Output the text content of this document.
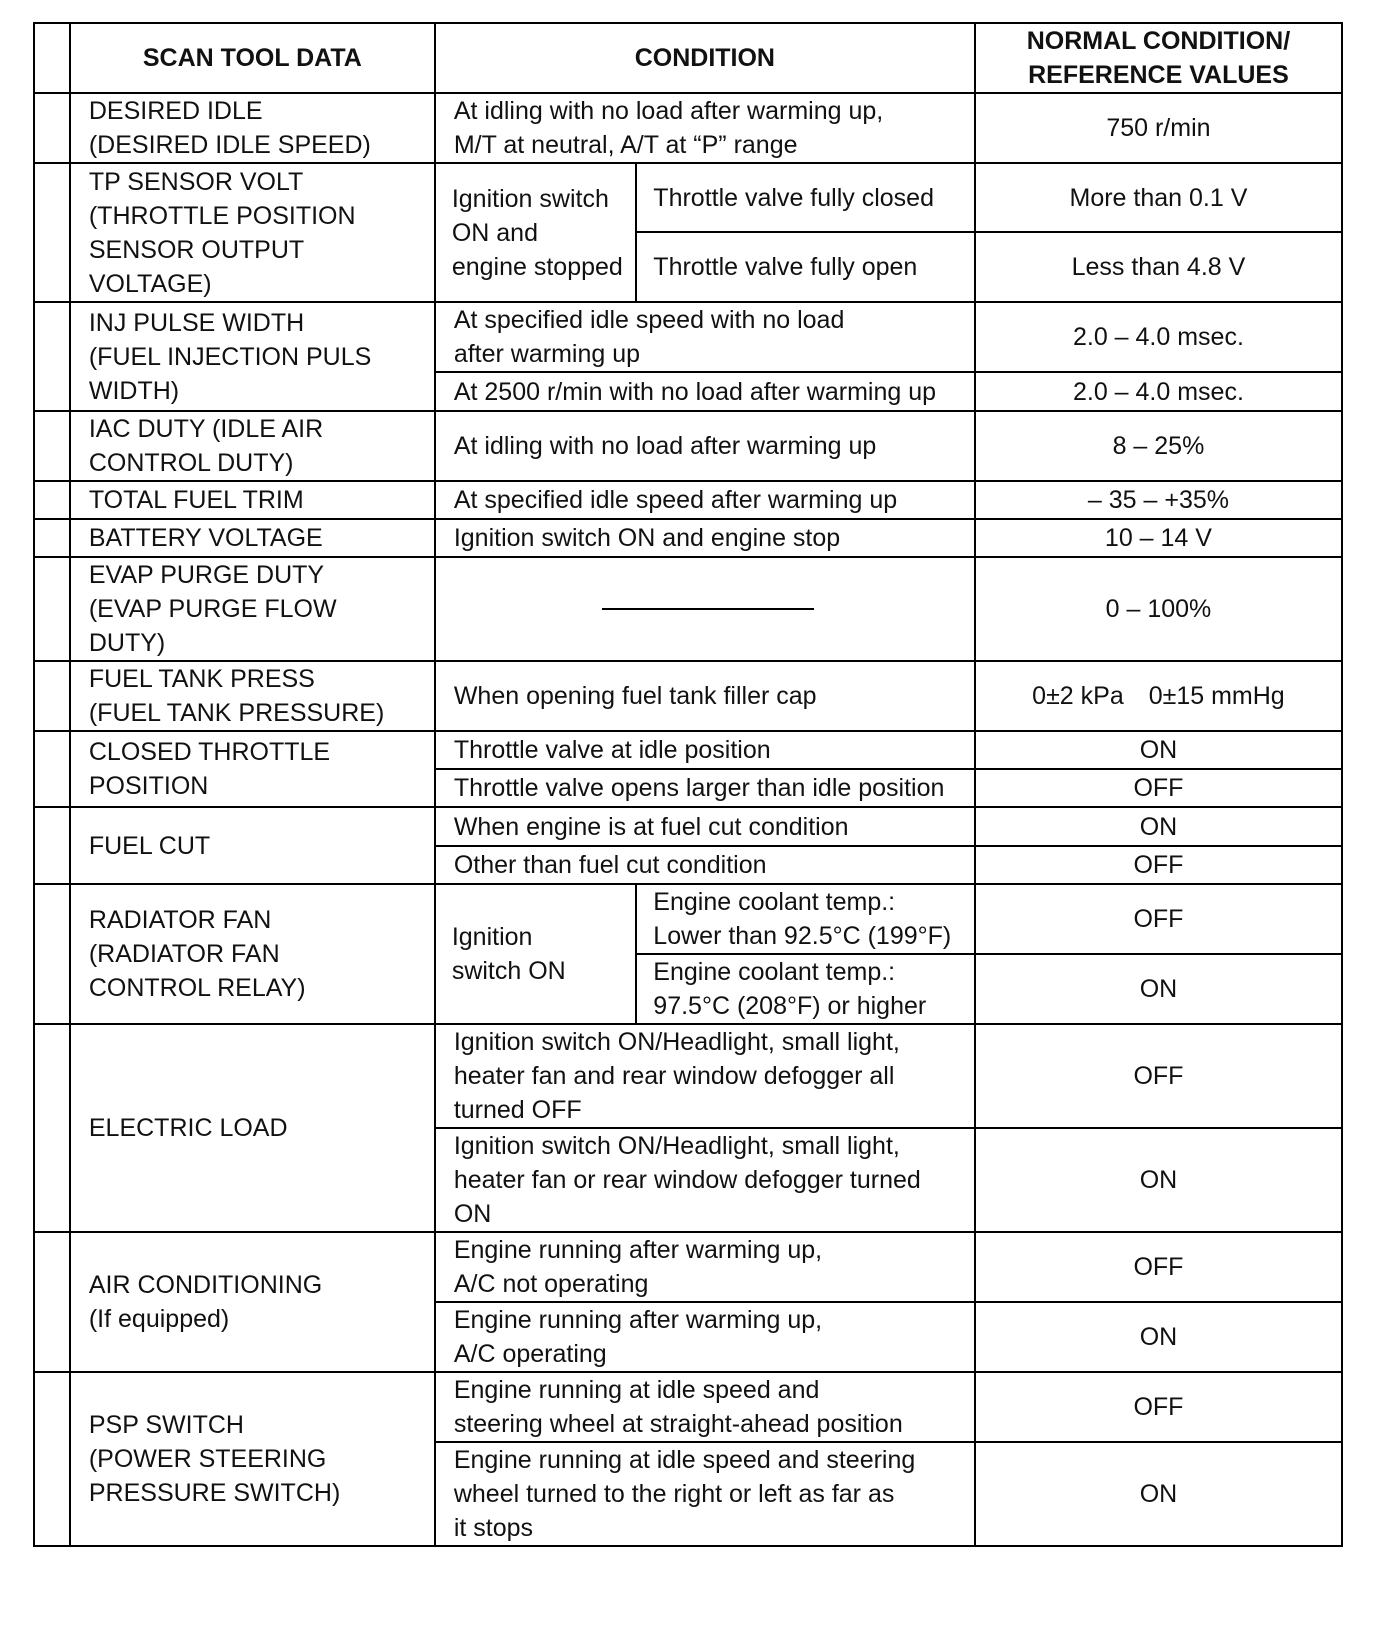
	SCAN TOOL DATA	CONDITION		NORMAL CONDITION/
REFERENCE VALUES
	DESIRED IDLE
(DESIRED IDLE SPEED)	At idling with no load after warming up,
M/T at neutral, A/T at “P” range		750 r/min
	TP SENSOR VOLT
(THROTTLE POSITION
SENSOR OUTPUT
VOLTAGE)	Ignition switch
ON and
engine stopped	Throttle valve fully closed	More than 0.1 V
			Throttle valve fully open	Less than 4.8 V
	INJ PULSE WIDTH
(FUEL INJECTION PULS
WIDTH)	At specified idle speed with no load
after warming up		2.0 – 4.0 msec.
		At 2500 r/min with no load after warming up		2.0 – 4.0 msec.
	IAC DUTY (IDLE AIR
CONTROL DUTY)	At idling with no load after warming up		8 – 25%
	TOTAL FUEL TRIM	At specified idle speed after warming up		– 35 – +35%
	BATTERY VOLTAGE	Ignition switch ON and engine stop		10 – 14 V
	EVAP PURGE DUTY
(EVAP PURGE FLOW
DUTY)			0 – 100%
	FUEL TANK PRESS
(FUEL TANK PRESSURE)	When opening fuel tank filler cap		0±2 kPa 0±15 mmHg
	CLOSED THROTTLE
POSITION	Throttle valve at idle position		ON
		Throttle valve opens larger than idle position		OFF
	FUEL CUT	When engine is at fuel cut condition		ON
		Other than fuel cut condition		OFF
	RADIATOR FAN
(RADIATOR FAN
CONTROL RELAY)	Ignition
switch ON	Engine coolant temp.:
Lower than 92.5°C (199°F)	OFF
			Engine coolant temp.:
97.5°C (208°F) or higher	ON
	ELECTRIC LOAD	Ignition switch ON/Headlight, small light,
heater fan and rear window defogger all
turned OFF		OFF
		Ignition switch ON/Headlight, small light,
heater fan or rear window defogger turned
ON		ON
	AIR CONDITIONING
(If equipped)	Engine running after warming up,
A/C not operating		OFF
		Engine running after warming up,
A/C operating		ON
	PSP SWITCH
(POWER STEERING
PRESSURE SWITCH)	Engine running at idle speed and
steering wheel at straight-ahead position		OFF
		Engine running at idle speed and steering
wheel turned to the right or left as far as
it stops		ON
